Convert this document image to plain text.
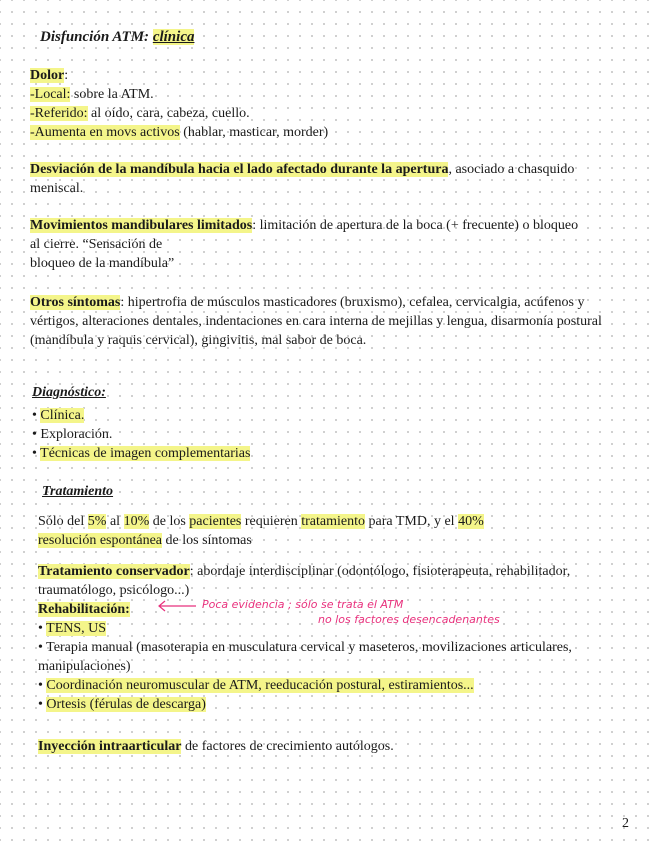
Disfunción ATM: clínica
Dolor:
-Local: sobre la ATM.
-Referido: al oído, cara, cabeza, cuello.
-Aumenta en movs activos (hablar, masticar, morder)
Desviación de la mandíbula hacia el lado afectado durante la apertura, asociado a chasquido meniscal.
Movimientos mandibulares limitados: limitación de apertura de la boca (+ frecuente) o bloqueo al cierre. “Sensación de
bloqueo de la mandíbula”
Otros síntomas: hipertrofia de músculos masticadores (bruxismo), cefalea, cervicalgia, acúfenos y vértigos, alteraciones dentales, indentaciones en cara interna de mejillas y lengua, disarmonía postural (mandíbula y raquis cervical), gingivitis, mal sabor de boca.
Diagnóstico:
• Clínica.
• Exploración.
• Técnicas de imagen complementarias
Tratamiento
Sólo del 5% al 10% de los pacientes requieren tratamiento para TMD, y el 40%
resolución espontánea de los síntomas
Tratamiento conservador: abordaje interdisciplinar (odontólogo, fisioterapeuta, rehabilitador, traumatólogo, psicólogo...)
Rehabilitación:
• TENS, US
• Terapia manual (masoterapia en musculatura cervical y maseteros, movilizaciones articulares, manipulaciones)
• Coordinación neuromuscular de ATM, reeducación postural, estiramientos...
• Ortesis (férulas de descarga)
Poca evidencia ; sólo se trata el ATM
no los factores desencadenantes
Inyección intraarticular de factores de crecimiento autólogos.
2
